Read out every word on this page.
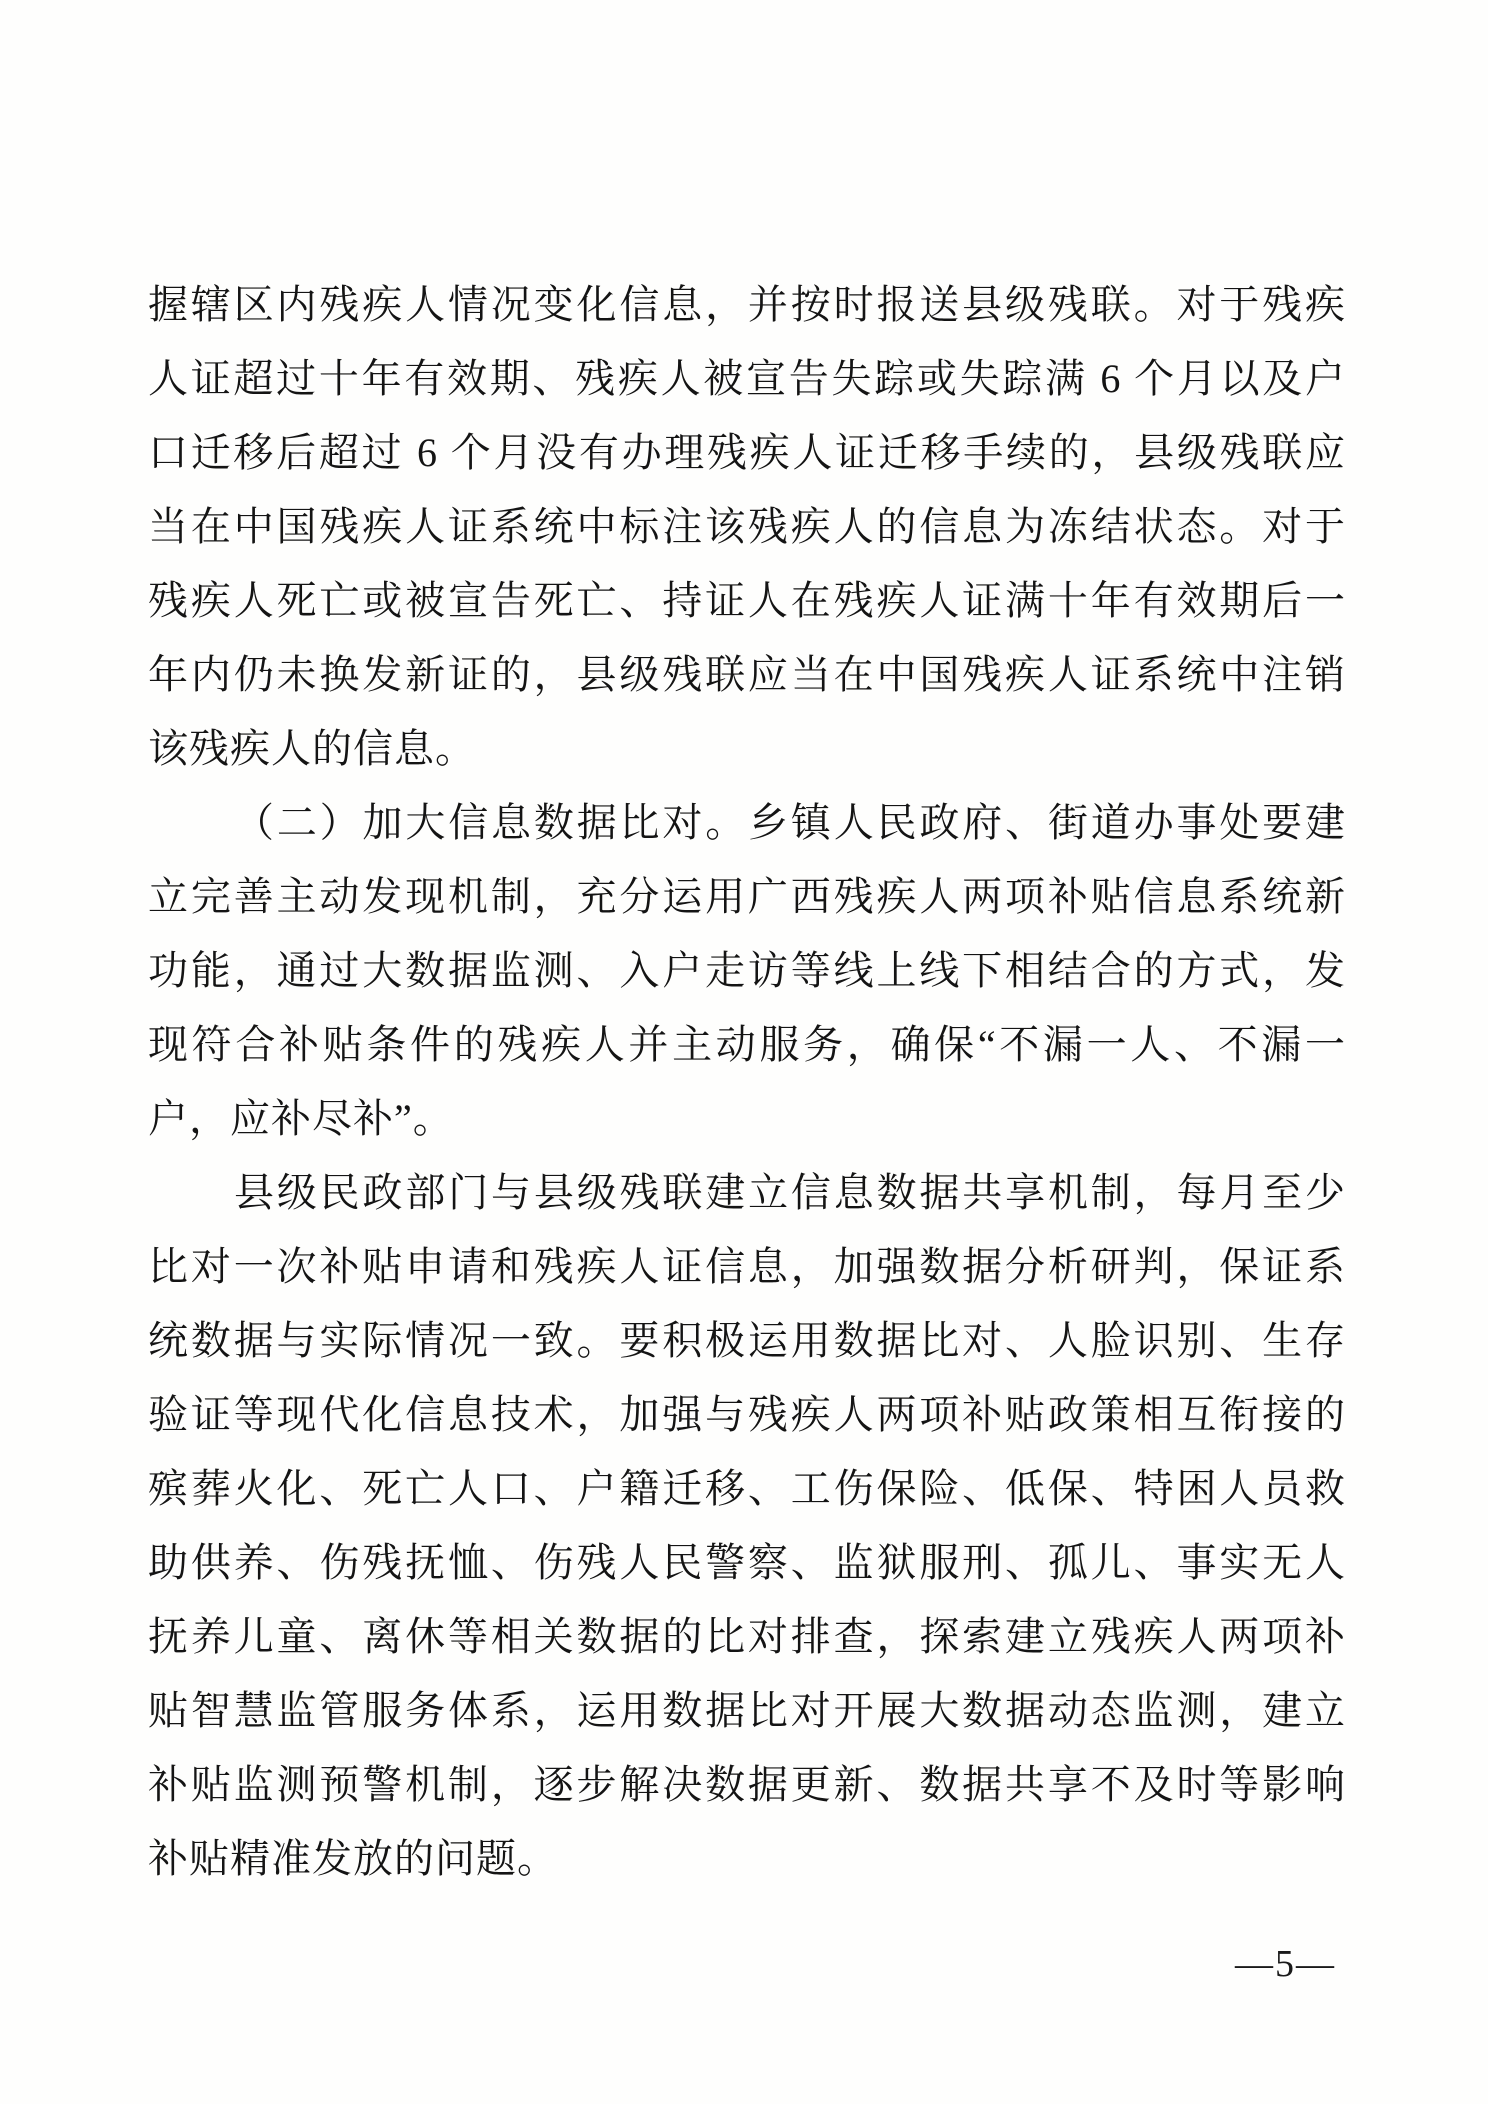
握辖区内残疾人情况变化信息，并按时报送县级残联。对于残疾
人证超过十年有效期、残疾人被宣告失踪或失踪满 6 个月以及户
口迁移后超过 6 个月没有办理残疾人证迁移手续的，县级残联应
当在中国残疾人证系统中标注该残疾人的信息为冻结状态。对于
残疾人死亡或被宣告死亡、持证人在残疾人证满十年有效期后一
年内仍未换发新证的，县级残联应当在中国残疾人证系统中注销
该残疾人的信息。
（二）加大信息数据比对。乡镇人民政府、街道办事处要建
立完善主动发现机制，充分运用广西残疾人两项补贴信息系统新
功能，通过大数据监测、入户走访等线上线下相结合的方式，发
现符合补贴条件的残疾人并主动服务，确保“不漏一人、不漏一
户，应补尽补”。
县级民政部门与县级残联建立信息数据共享机制，每月至少
比对一次补贴申请和残疾人证信息，加强数据分析研判，保证系
统数据与实际情况一致。要积极运用数据比对、人脸识别、生存
验证等现代化信息技术，加强与残疾人两项补贴政策相互衔接的
殡葬火化、死亡人口、户籍迁移、工伤保险、低保、特困人员救
助供养、伤残抚恤、伤残人民警察、监狱服刑、孤儿、事实无人
抚养儿童、离休等相关数据的比对排查，探索建立残疾人两项补
贴智慧监管服务体系，运用数据比对开展大数据动态监测，建立
补贴监测预警机制，逐步解决数据更新、数据共享不及时等影响
补贴精准发放的问题。
—5—
